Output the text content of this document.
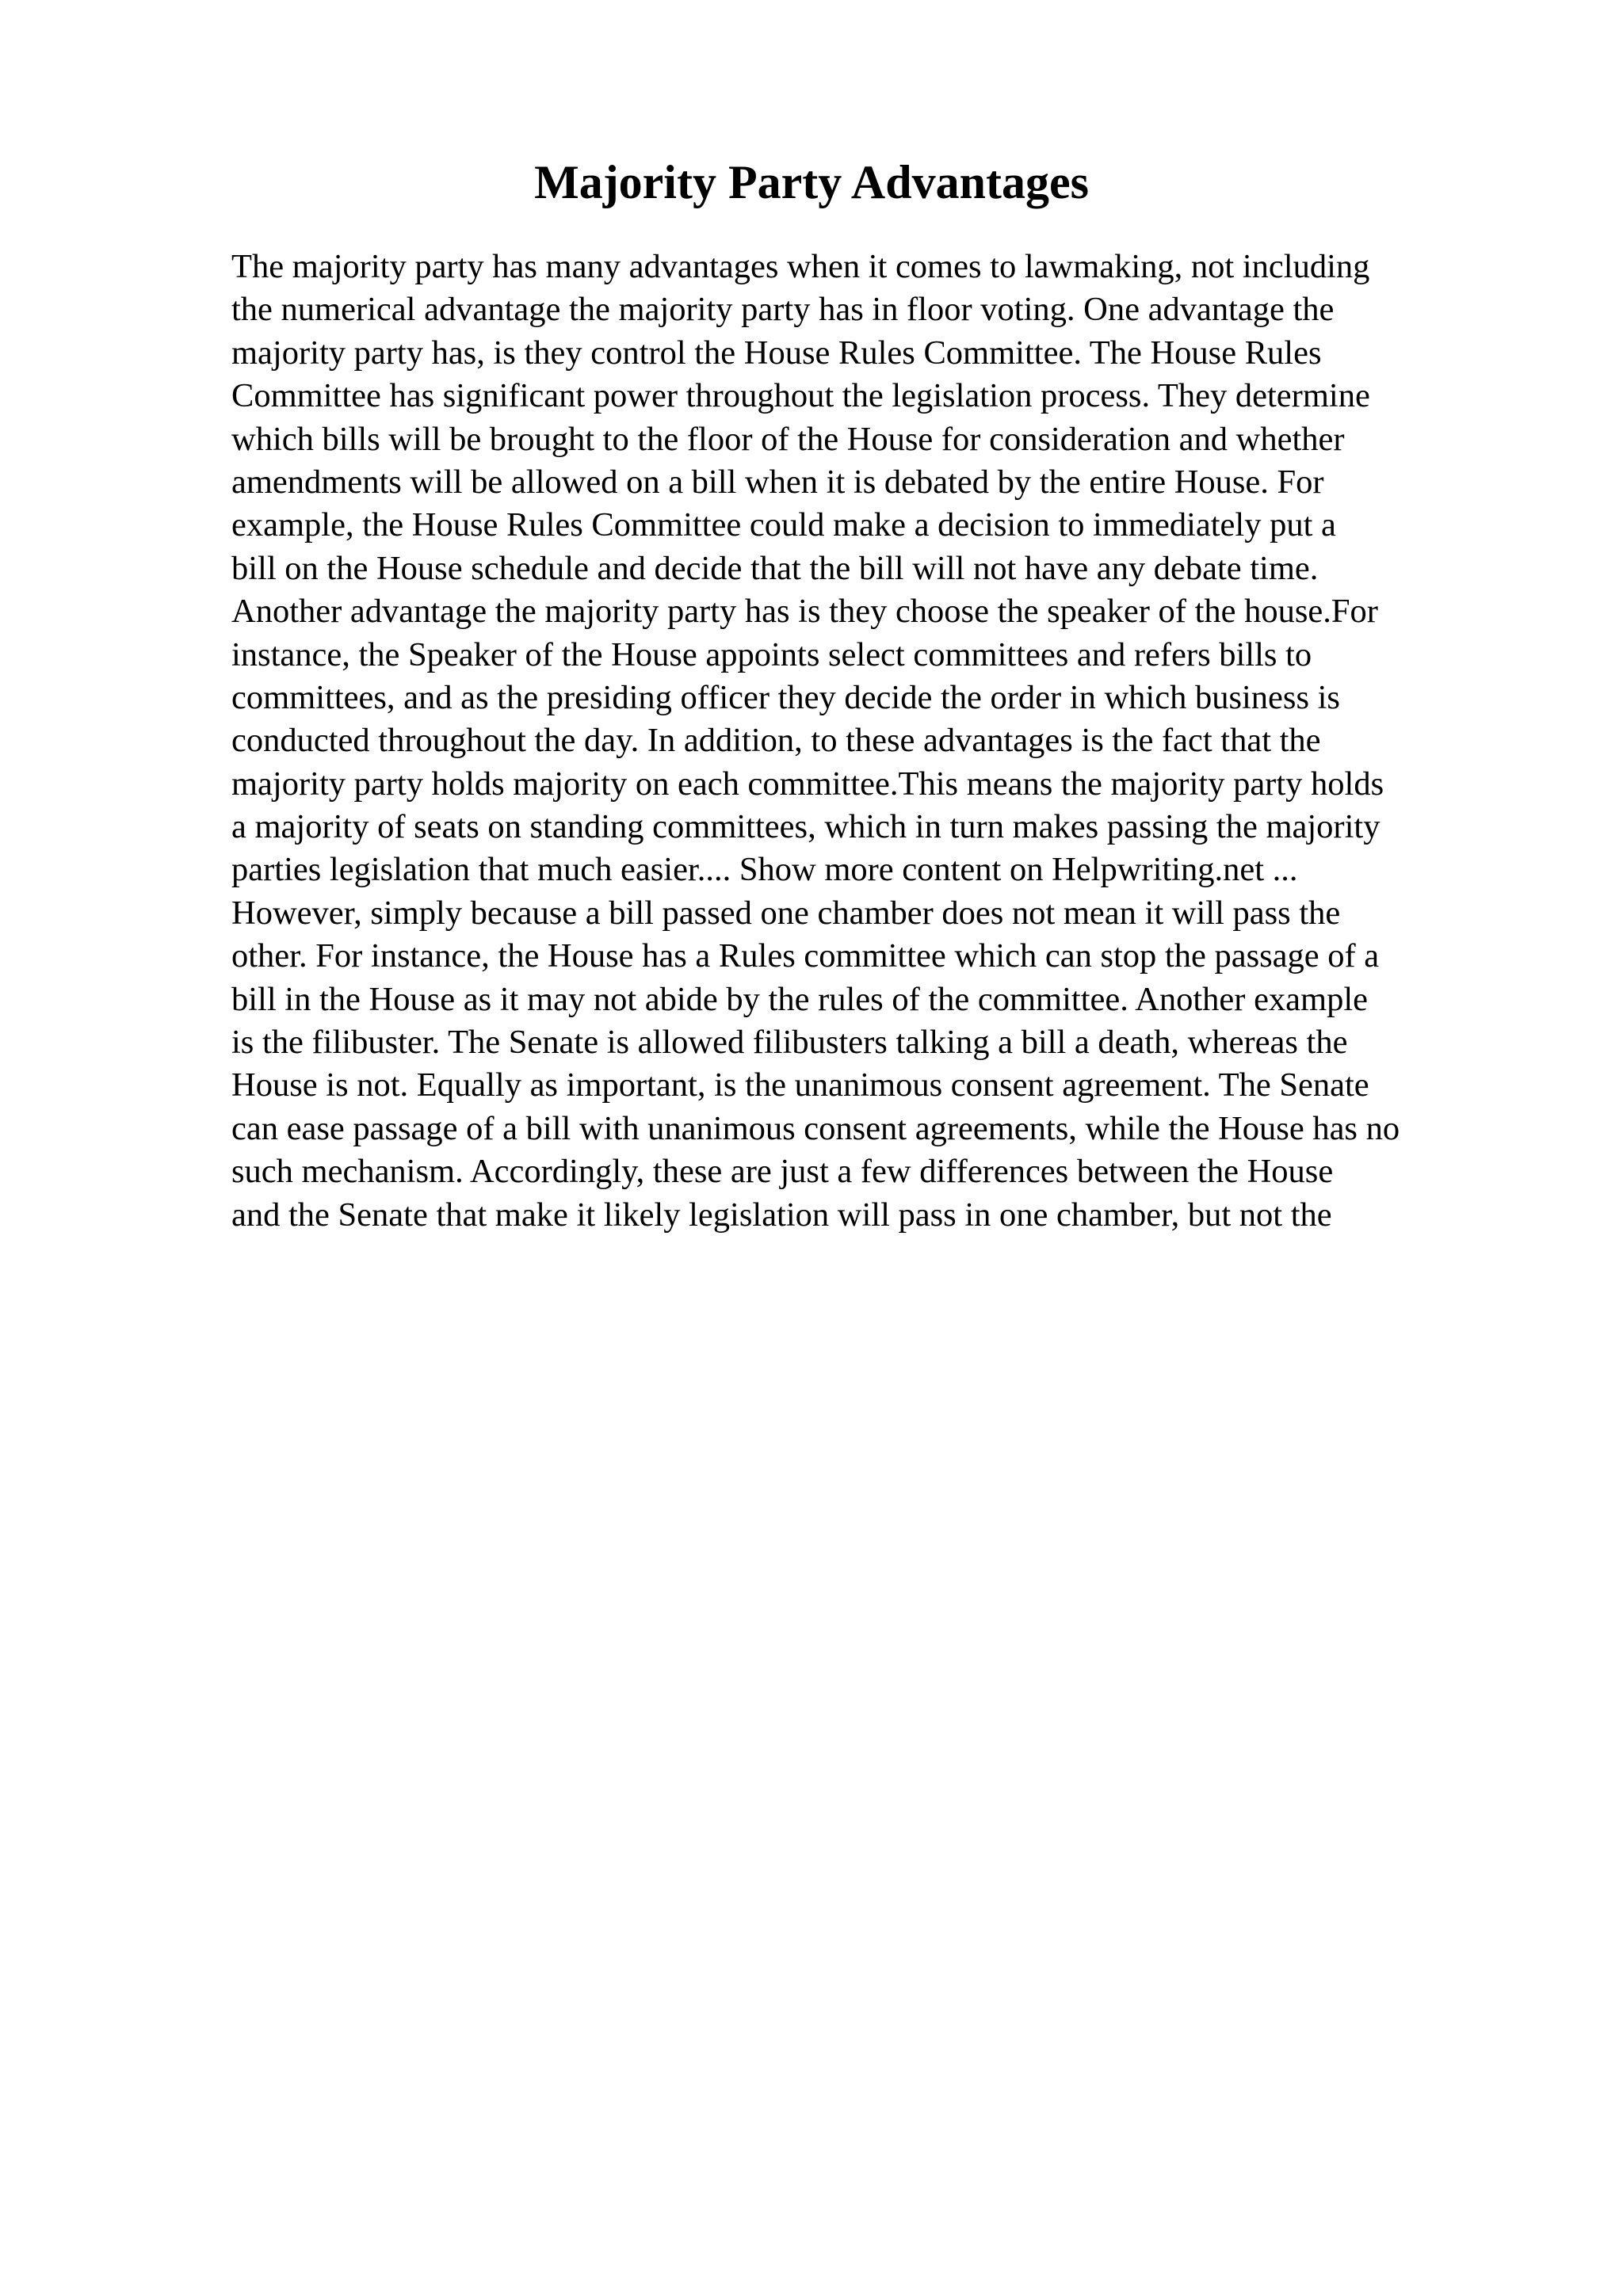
Majority Party Advantages
The majority party has many advantages when it comes to lawmaking, not including
the numerical advantage the majority party has in floor voting. One advantage the
majority party has, is they control the House Rules Committee. The House Rules
Committee has significant power throughout the legislation process. They determine
which bills will be brought to the floor of the House for consideration and whether
amendments will be allowed on a bill when it is debated by the entire House. For
example, the House Rules Committee could make a decision to immediately put a
bill on the House schedule and decide that the bill will not have any debate time.
Another advantage the majority party has is they choose the speaker of the house.For
instance, the Speaker of the House appoints select committees and refers bills to
committees, and as the presiding officer they decide the order in which business is
conducted throughout the day. In addition, to these advantages is the fact that the
majority party holds majority on each committee.This means the majority party holds
a majority of seats on standing committees, which in turn makes passing the majority
parties legislation that much easier.... Show more content on Helpwriting.net ...
However, simply because a bill passed one chamber does not mean it will pass the
other. For instance, the House has a Rules committee which can stop the passage of a
bill in the House as it may not abide by the rules of the committee. Another example
is the filibuster. The Senate is allowed filibusters talking a bill a death, whereas the
House is not. Equally as important, is the unanimous consent agreement. The Senate
can ease passage of a bill with unanimous consent agreements, while the House has no
such mechanism. Accordingly, these are just a few differences between the House
and the Senate that make it likely legislation will pass in one chamber, but not the
